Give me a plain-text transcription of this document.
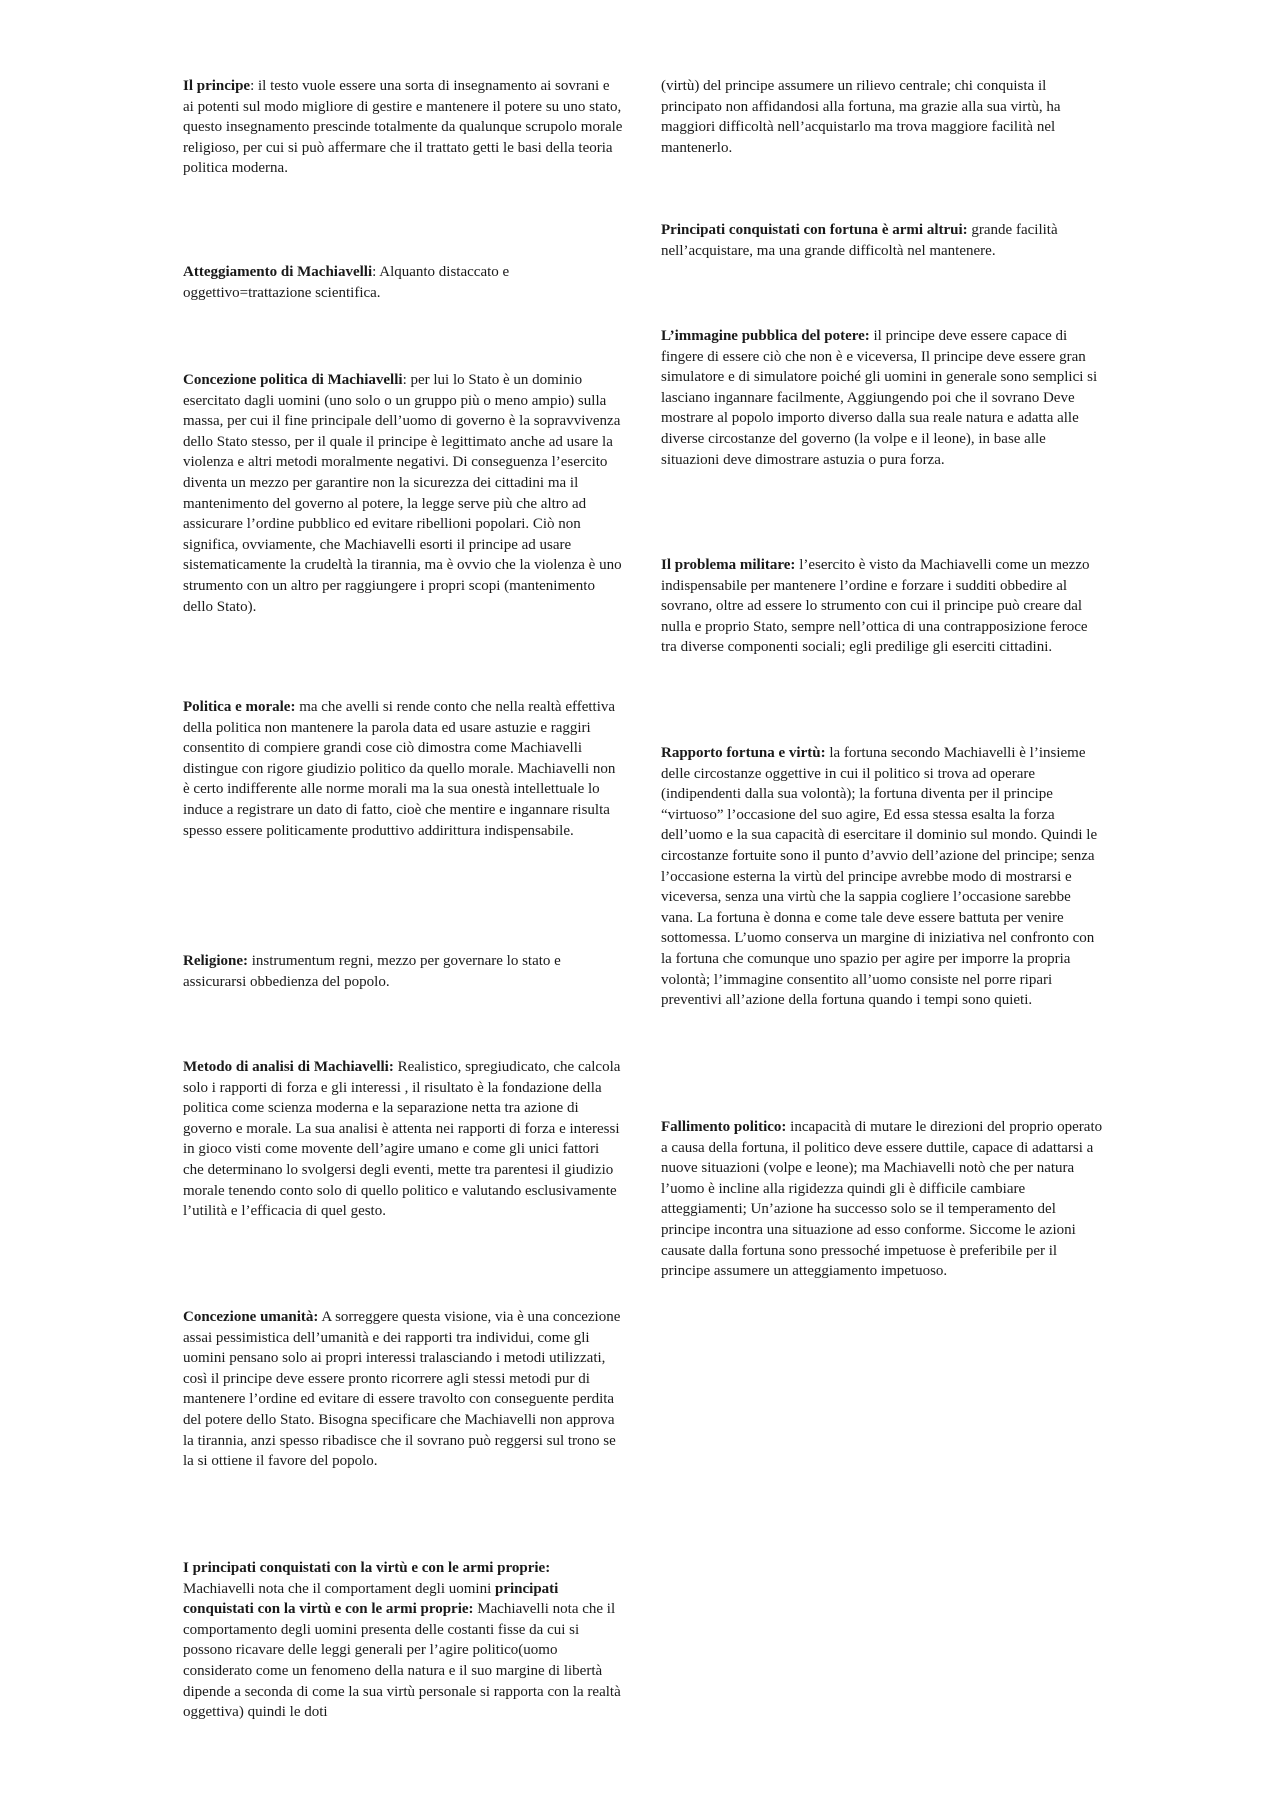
Il principe: il testo vuole essere una sorta di insegnamento ai sovrani e ai potenti sul modo migliore di gestire e mantenere il potere su uno stato, questo insegnamento prescinde totalmente da qualunque scrupolo morale religioso, per cui si può affermare che il trattato getti le basi della teoria politica moderna.

Atteggiamento di Machiavelli: Alquanto distaccato e oggettivo=trattazione scientifica.

Concezione politica di Machiavelli: per lui lo Stato è un dominio esercitato dagli uomini (uno solo o un gruppo più o meno ampio) sulla massa, per cui il fine principale dell’uomo di governo è la sopravvivenza dello Stato stesso, per il quale il principe è legittimato anche ad usare la violenza e altri metodi moralmente negativi. Di conseguenza l’esercito diventa un mezzo per garantire non la sicurezza dei cittadini ma il mantenimento del governo al potere, la legge serve più che altro ad assicurare l’ordine pubblico ed evitare ribellioni popolari. Ciò non significa, ovviamente, che Machiavelli esorti il principe ad usare sistematicamente la crudeltà la tirannia, ma è ovvio che la violenza è uno strumento con un altro per raggiungere i propri scopi (mantenimento dello Stato).

Politica e morale: ma che avelli si rende conto che nella realtà effettiva della politica non mantenere la parola data ed usare astuzie e raggiri consentito di compiere grandi cose ciò dimostra come Machiavelli distingue con rigore giudizio politico da quello morale. Machiavelli non è certo indifferente alle norme morali ma la sua onestà intellettuale lo induce a registrare un dato di fatto, cioè che mentire e ingannare risulta spesso essere politicamente produttivo addirittura indispensabile.

Religione: instrumentum regni, mezzo per governare lo stato e assicurarsi obbedienza del popolo.

Metodo di analisi di Machiavelli: Realistico, spregiudicato, che calcola solo i rapporti di forza e gli interessi , il risultato è la fondazione della politica come scienza moderna e la separazione netta tra azione di governo e morale. La sua analisi è attenta nei rapporti di forza e interessi in gioco visti come movente dell’agire umano e come gli unici fattori che determinano lo svolgersi degli eventi, mette tra parentesi il giudizio morale tenendo conto solo di quello politico e valutando esclusivamente l’utilità e l’efficacia di quel gesto.

Concezione umanità: A sorreggere questa visione, via è una concezione assai pessimistica dell’umanità e dei rapporti tra individui, come gli uomini pensano solo ai propri interessi tralasciando i metodi utilizzati, così il principe deve essere pronto ricorrere agli stessi metodi pur di mantenere l’ordine ed evitare di essere travolto con conseguente perdita del potere dello Stato. Bisogna specificare che Machiavelli non approva la tirannia, anzi spesso ribadisce che il sovrano può reggersi sul trono se la si ottiene il favore del popolo.

I principati conquistati con la virtù e con le armi proprie: Machiavelli nota che il comportament degli uomini principati conquistati con la virtù e con le armi proprie: Machiavelli nota che il comportamento degli uomini presenta delle costanti fisse da cui si possono ricavare delle leggi generali per l’agire politico(uomo considerato come un fenomeno della natura e il suo margine di libertà dipende a seconda di come la sua virtù personale si rapporta con la realtà oggettiva) quindi le doti

(virtù) del principe assumere un rilievo centrale; chi conquista il principato non affidandosi alla fortuna, ma grazie alla sua virtù, ha maggiori difficoltà nell’acquistarlo ma trova maggiore facilità nel mantenerlo.

Principati conquistati con fortuna è armi altrui: grande facilità nell’acquistare, ma una grande difficoltà nel mantenere.

L’immagine pubblica del potere: il principe deve essere capace di fingere di essere ciò che non è e viceversa, Il principe deve essere gran simulatore e di simulatore poiché gli uomini in generale sono semplici si lasciano ingannare facilmente, Aggiungendo poi che il sovrano Deve mostrare al popolo importo diverso dalla sua reale natura e adatta alle diverse circostanze del governo (la volpe e il leone), in base alle situazioni deve dimostrare astuzia o pura forza.

Il problema militare: l’esercito è visto da Machiavelli come un mezzo indispensabile per mantenere l’ordine e forzare i sudditi obbedire al sovrano, oltre ad essere lo strumento con cui il principe può creare dal nulla e proprio Stato, sempre nell’ottica di una contrapposizione feroce tra diverse componenti sociali; egli predilige gli eserciti cittadini.

Rapporto fortuna e virtù: la fortuna secondo Machiavelli è l’insieme delle circostanze oggettive in cui il politico si trova ad operare (indipendenti dalla sua volontà); la fortuna diventa per il principe “virtuoso” l’occasione del suo agire, Ed essa stessa esalta la forza dell’uomo e la sua capacità di esercitare il dominio sul mondo. Quindi le circostanze fortuite sono il punto d’avvio dell’azione del principe; senza l’occasione esterna la virtù del principe avrebbe modo di mostrarsi e viceversa, senza una virtù che la sappia cogliere l’occasione sarebbe vana. La fortuna è donna e come tale deve essere battuta per venire sottomessa. L’uomo conserva un margine di iniziativa nel confronto con la fortuna che comunque uno spazio per agire per imporre la propria volontà; l’immagine consentito all’uomo consiste nel porre ripari preventivi all’azione della fortuna quando i tempi sono quieti.

Fallimento politico: incapacità di mutare le direzioni del proprio operato a causa della fortuna, il politico deve essere duttile, capace di adattarsi a nuove situazioni (volpe e leone); ma Machiavelli notò che per natura l’uomo è incline alla rigidezza quindi gli è difficile cambiare atteggiamenti; Un’azione ha successo solo se il temperamento del principe incontra una situazione ad esso conforme. Siccome le azioni causate dalla fortuna sono pressoché impetuose è preferibile per il principe assumere un atteggiamento impetuoso.
